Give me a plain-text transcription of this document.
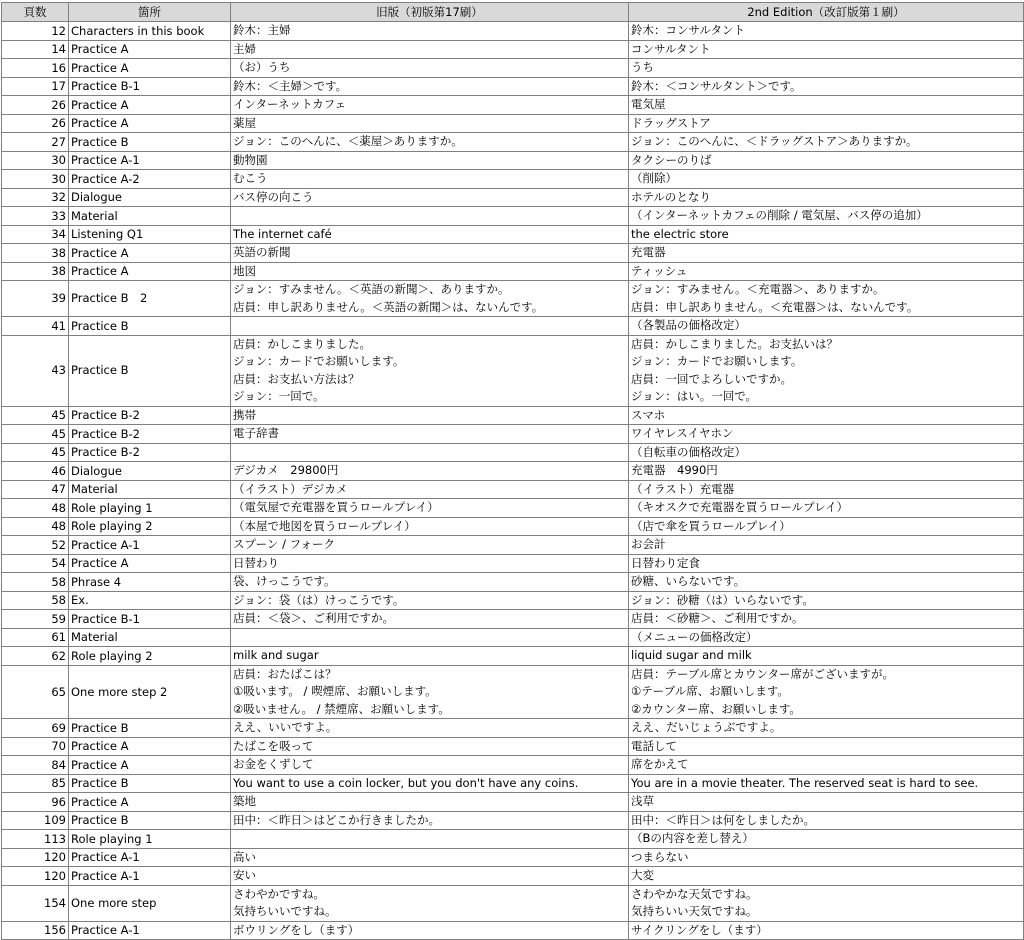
頁数	箇所	旧版（初版第17刷）	2nd Edition（改訂版第１刷）
12	Characters in this book	鈴木：主婦	鈴木：コンサルタント

14	Practice A	主婦	コンサルタント

16	Practice A	（お）うち	うち

17	Practice B-1	鈴木：＜主婦＞です。	鈴木：＜コンサルタント＞です。

26	Practice A	インターネットカフェ	電気屋

26	Practice A	薬屋	ドラッグストア

27	Practice B	ジョン：このへんに、＜薬屋＞ありますか。	ジョン：このへんに、＜ドラッグストア＞ありますか。

30	Practice A-1	動物園	タクシーのりば

30	Practice A-2	むこう	（削除）

32	Dialogue	バス停の向こう	ホテルのとなり

33	Material		（インターネットカフェの削除 / 電気屋、バス停の追加）

34	Listening Q1	The internet café	the electric store

38	Practice A	英語の新聞	充電器

38	Practice A	地図	ティッシュ

39	Practice B　2	ジョン：すみません。＜英語の新聞＞、ありますか。
店員：申し訳ありません。＜英語の新聞＞は、ないんです。	ジョン：すみません。＜充電器＞、ありますか。
店員：申し訳ありません。＜充電器＞は、ないんです。

41	Practice B		（各製品の価格改定）

43	Practice B	店員：かしこまりました。
ジョン：カードでお願いします。
店員：お支払い方法は？
ジョン：一回で。	店員：かしこまりました。お支払いは？
ジョン：カードでお願いします。
店員：一回でよろしいですか。
ジョン：はい。一回で。

45	Practice B-2	携帯	スマホ

45	Practice B-2	電子辞書	ワイヤレスイヤホン

45	Practice B-2		（自転車の価格改定）

46	Dialogue	デジカメ　29800円	充電器　4990円

47	Material	（イラスト）デジカメ	（イラスト）充電器

48	Role playing 1	（電気屋で充電器を買うロールプレイ）	（キオスクで充電器を買うロールプレイ）

48	Role playing 2	（本屋で地図を買うロールプレイ）	（店で傘を買うロールプレイ）

52	Practice A-1	スプーン / フォーク	お会計

54	Practice A	日替わり	日替わり定食

58	Phrase 4	袋、けっこうです。	砂糖、いらないです。

58	Ex.	ジョン：袋（は）けっこうです。	ジョン：砂糖（は）いらないです。

59	Practice B-1	店員：＜袋＞、ご利用ですか。	店員：＜砂糖＞、ご利用ですか。

61	Material		（メニューの価格改定）

62	Role playing 2	milk and sugar	liquid sugar and milk

65	One more step 2	店員：おたばこは？
①吸います。 / 喫煙席、お願いします。
②吸いません。 / 禁煙席、お願いします。	店員：テーブル席とカウンター席がございますが。
①テーブル席、お願いします。
②カウンター席、お願いします。

69	Practice B	ええ、いいですよ。	ええ、だいじょうぶですよ。

70	Practice A	たばこを吸って	電話して

84	Practice A	お金をくずして	席をかえて

85	Practice B	You want to use a coin locker, but you don't have any coins.	You are in a movie theater. The reserved seat is hard to see.

96	Practice A	築地	浅草

109	Practice B	田中：＜昨日＞はどこか行きましたか。	田中：＜昨日＞は何をしましたか。

113	Role playing 1		（Bの内容を差し替え）

120	Practice A-1	高い	つまらない

120	Practice A-1	安い	大変

154	One more step	さわやかですね。
気持ちいいですね。	さわやかな天気ですね。
気持ちいい天気ですね。

156	Practice A-1	ボウリングをし（ます）	サイクリングをし（ます）
